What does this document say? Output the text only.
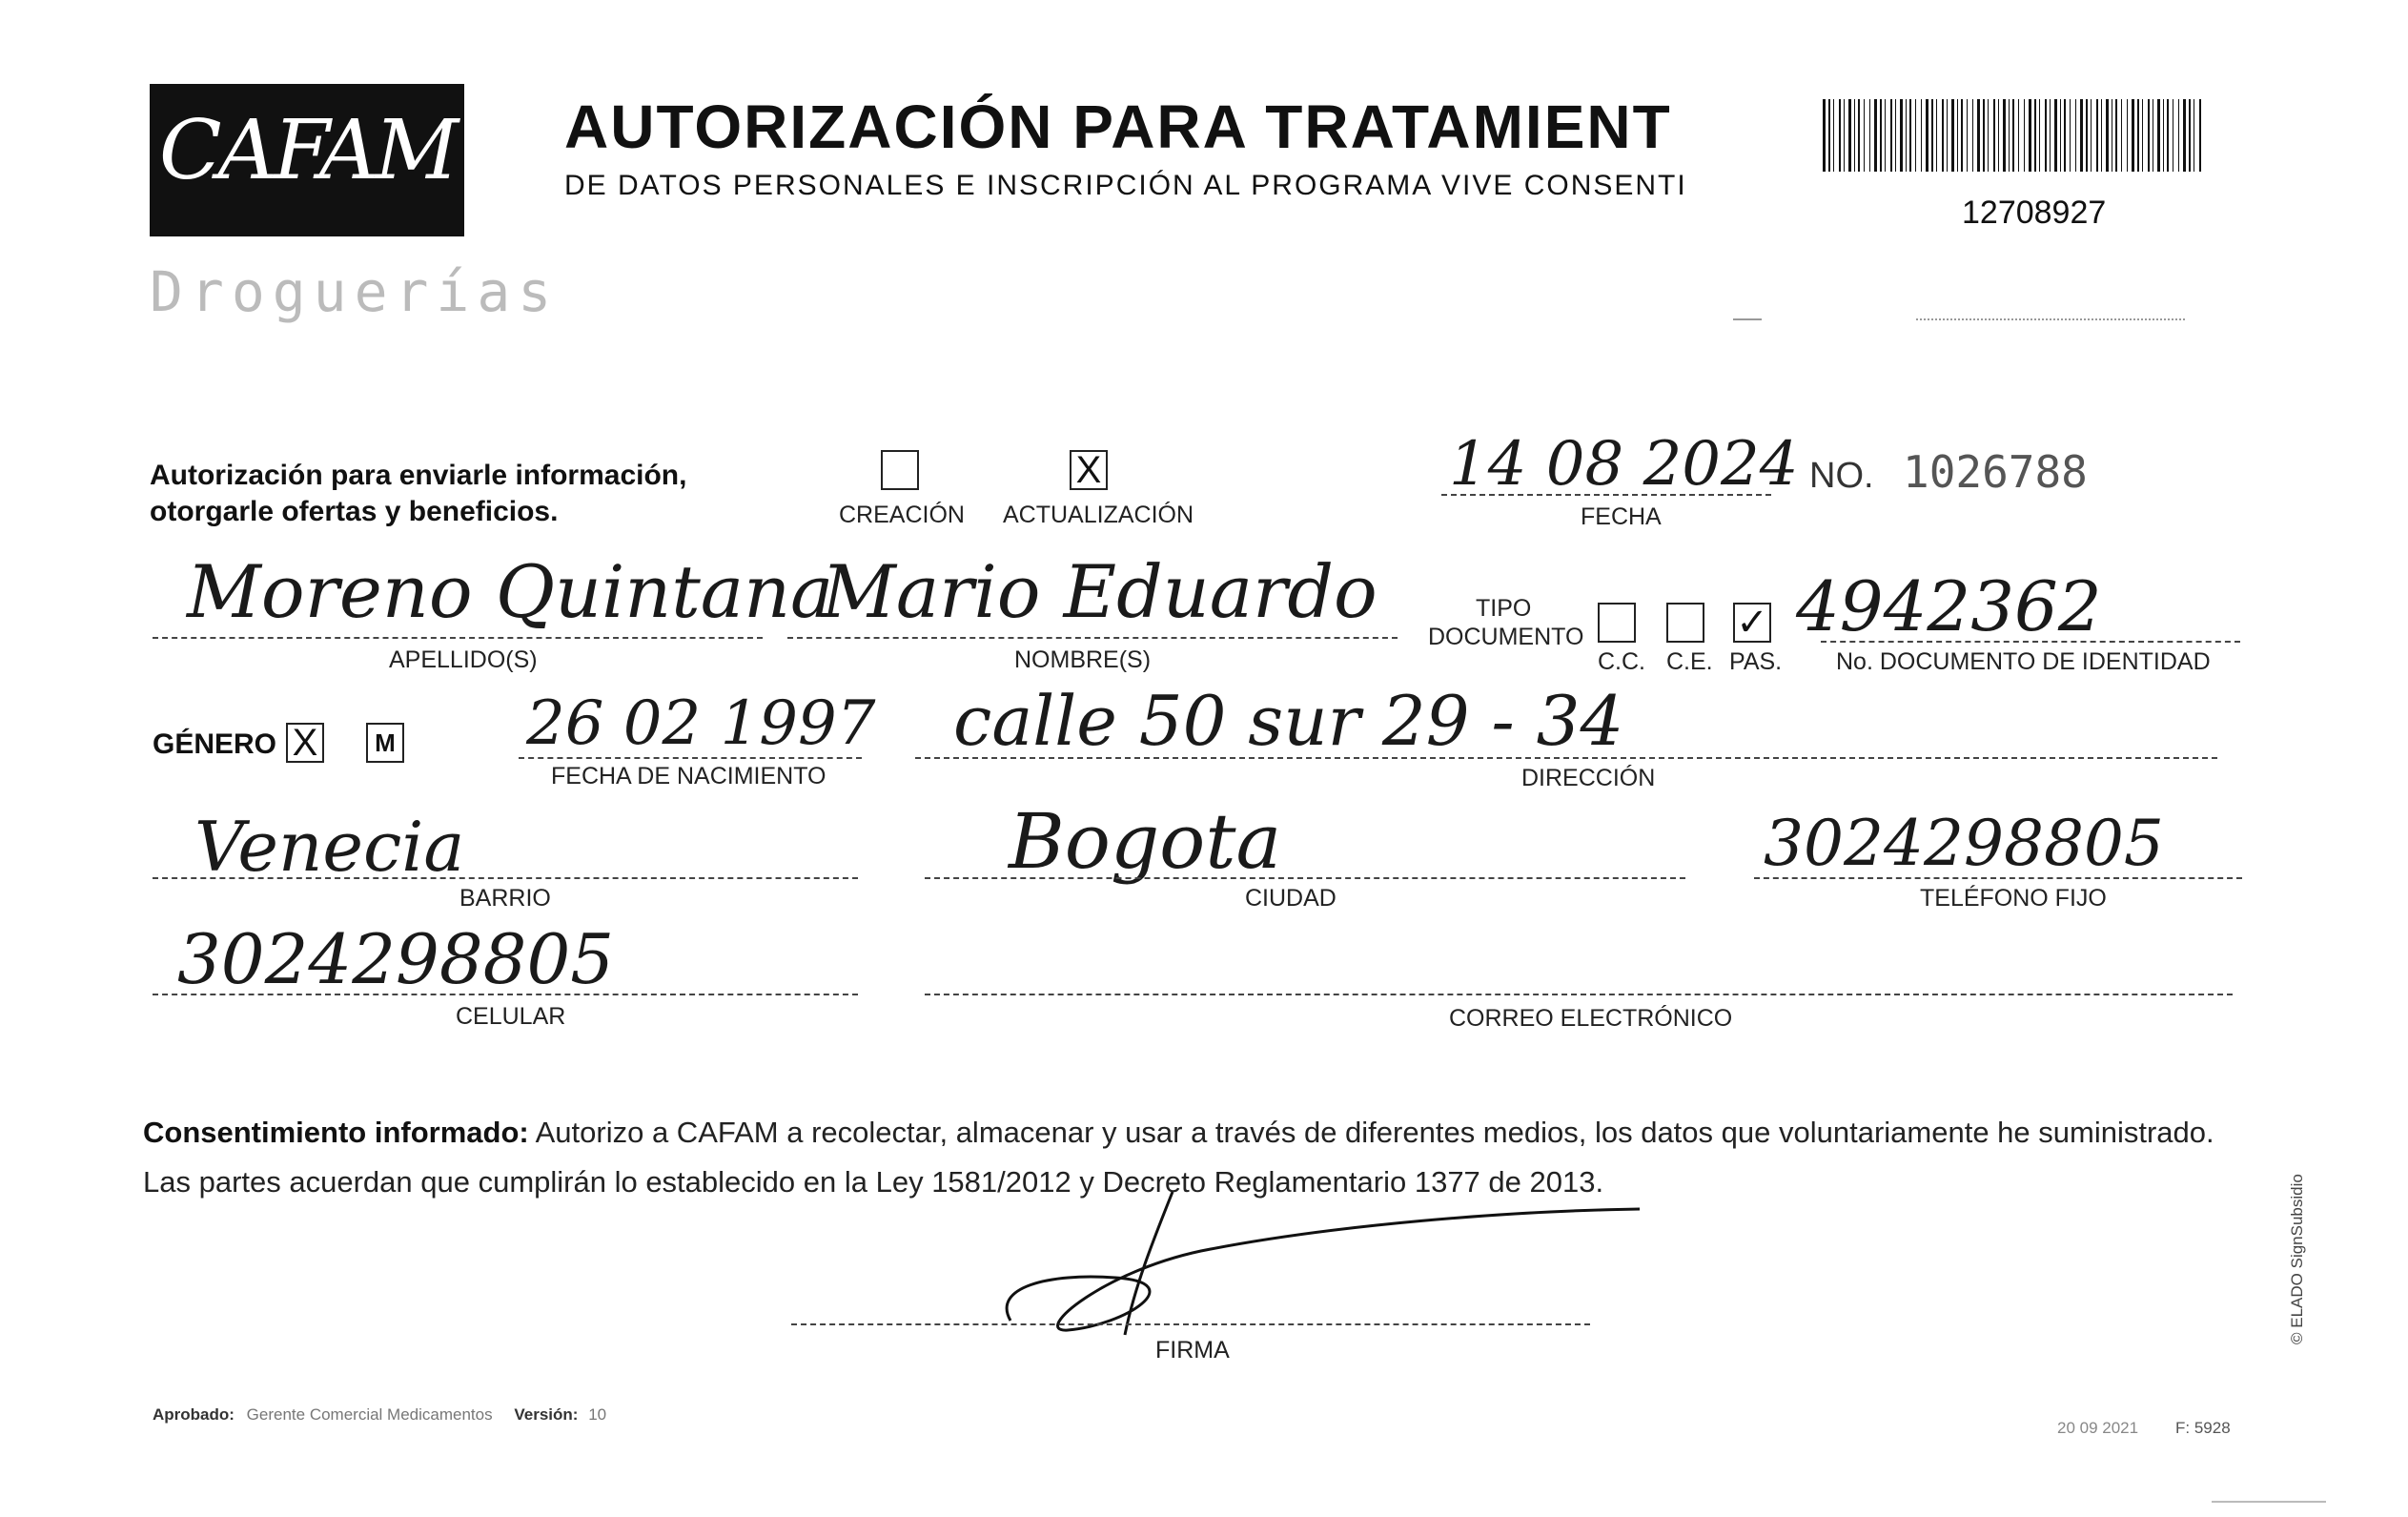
CAFAM
Droguerías
AUTORIZACIÓN PARA TRATAMIENT
DE DATOS PERSONALES E INSCRIPCIÓN AL PROGRAMA VIVE CONSENTI
12708927
Autorización para enviarle información,
otorgarle ofertas y beneficios.	CREACIÓN
X
ACTUALIZACIÓN
14 08 2024
FECHA
NO. 1026788
Moreno Quintana
APELLIDO(S)
Mario Eduardo
NOMBRE(S)
TIPO
DOCUMENTO
C.C. C.E.
✓
PAS.
4942362
No. DOCUMENTO DE IDENTIDAD
GÉNERO X	M 26 02 1997
FECHA DE NACIMIENTO
calle 50 sur 29 - 34
DIRECCIÓN
Venecia
BARRIO
Bogota
CIUDAD
3024298805
TELÉFONO FIJO
3024298805
CELULAR	CORREO ELECTRÓNICO
Consentimiento informado: Autorizo a CAFAM a recolectar, almacenar y usar a través de diferentes medios, los datos que voluntariamente he suministrado.
Las partes acuerdan que cumplirán lo establecido en la Ley 1581/2012 y Decreto Reglamentario 1377 de 2013.
FIRMA
Aprobado: Gerente Comercial Medicamentos Versión: 10
20 09 2021 F: 5928
© ELADO SignSubsidio
